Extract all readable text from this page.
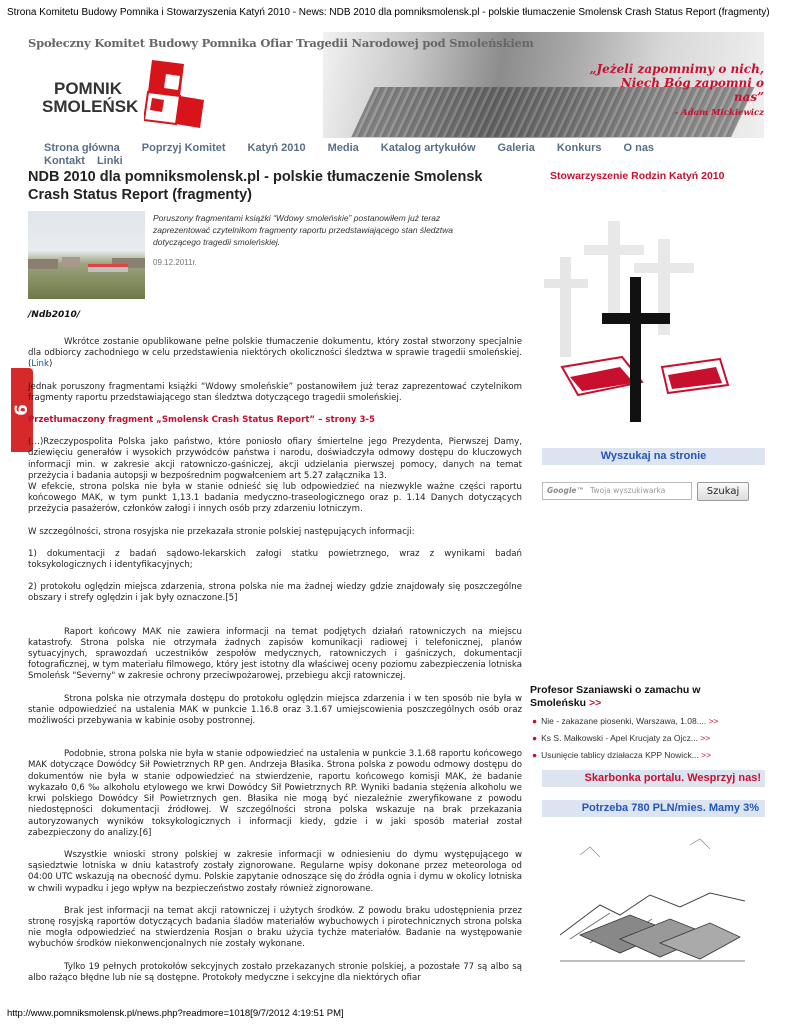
Strona Komitetu Budowy Pomnika i Stowarzyszenia Katyń 2010 - News: NDB 2010 dla pomniksmolensk.pl - polskie tłumaczenie Smolensk Crash Status Report (fragmenty)
Społeczny Komitet Budowy Pomnika Ofiar Tragedii Narodowej pod Smoleńskiem
POMNIK
SMOLEŃSK
„Jeżeli zapomnimy o nich,
Niech Bóg zapomni o nas”
- Adam Mickiewicz
Strona główna Poprzyj Komitet Katyń 2010 Media Katalog artykułów Galeria Konkurs O nas
Kontakt Linki
NDB 2010 dla pomniksmolensk.pl - polskie tłumaczenie Smolensk Crash Status Report (fragmenty)
Poruszony fragmentami książki “Wdowy smoleńskie” postanowiłem już teraz zaprezentować czytelnikom fragmenty raportu przedstawiającego stan śledztwa dotyczącego tragedii smoleńskiej.
09.12.2011r.
/Ndb2010/
6

Wkrótce zostanie opublikowane pełne polskie tłumaczenie dokumentu, który został stworzony specjalnie dla odbiorcy zachodniego w celu przedstawienia niektórych okoliczności śledztwa w sprawie tragedii smoleńskiej. (Link)

Jednak poruszony fragmentami książki “Wdowy smoleńskie” postanowiłem już teraz zaprezentować czytelnikom fragmenty raportu przedstawiającego stan śledztwa dotyczącego tragedii smoleńskiej.

Przetłumaczony fragment „Smolensk Crash Status Report” – strony 3-5

(…)Rzeczypospolita Polska jako państwo, które poniosło ofiary śmiertelne jego Prezydenta, Pierwszej Damy, dziewięciu generałów i wysokich przywódców państwa i narodu, doświadczyła odmowy dostępu do kluczowych informacji min. w zakresie akcji ratowniczo-gaśniczej, akcji udzielania pierwszej pomocy, danych na temat przeżycia i badania autopsji w bezpośrednim pogwałceniem art 5.27 załącznika 13.

W efekcie, strona polska nie była w stanie odnieść się lub odpowiedzieć na niezwykle ważne części raportu końcowego MAK, w tym punkt 1,13.1 badania medyczno-traseologicznego oraz p. 1.14 Danych dotyczących przeżycia pasażerów, członków załogi i innych osób przy zdarzeniu lotniczym.

W szczególności, strona rosyjska nie przekazała stronie polskiej następujących informacji:

1) dokumentacji z badań sądowo-lekarskich załogi statku powietrznego, wraz z wynikami badań toksykologicznych i identyfikacyjnych;

2) protokołu oględzin miejsca zdarzenia, strona polska nie ma żadnej wiedzy gdzie znajdowały się poszczególne obszary i strefy oględzin i jak były oznaczone.[5]

Raport końcowy MAK nie zawiera informacji na temat podjętych działań ratowniczych na miejscu katastrofy. Strona polska nie otrzymała żadnych zapisów komunikacji radiowej i telefonicznej, planów sytuacyjnych, sprawozdań uczestników zespołów medycznych, ratowniczych i gaśniczych, dokumentacji fotograficznej, w tym materiału filmowego, który jest istotny dla właściwej oceny poziomu zabezpieczenia lotniska Smoleńsk "Severny" w zakresie ochrony przeciwpożarowej, przebiegu akcji ratowniczej.

Strona polska nie otrzymała dostępu do protokołu oględzin miejsca zdarzenia i w ten sposób nie była w stanie odpowiedzieć na ustalenia MAK w punkcie 1.16.8 oraz 3.1.67 umiejscowienia poszczególnych osób oraz możliwości przebywania w kabinie osoby postronnej.

Podobnie, strona polska nie była w stanie odpowiedzieć na ustalenia w punkcie 3.1.68 raportu końcowego MAK dotyczące Dowódcy Sił Powietrznych RP gen. Andrzeja Błasika. Strona polska z powodu odmowy dostępu do dokumentów nie była w stanie odpowiedzieć na stwierdzenie, raportu końcowego komisji MAK, że badanie wykazało 0,6 ‰ alkoholu etylowego we krwi Dowódcy Sił Powietrznych RP. Wyniki badania stężenia alkoholu we krwi polskiego Dowódcy Sił Powietrznych gen. Błasika nie mogą być niezależnie zweryfikowane z powodu niedostępności dokumentacji źródłowej. W szczególności strona polska wskazuje na brak przekazania autoryzowanych wyników toksykologicznych i informacji kiedy, gdzie i w jaki sposób materiał został zabezpieczony do analizy.[6]

Wszystkie wnioski strony polskiej w zakresie informacji w odniesieniu do dymu występującego w sąsiedztwie lotniska w dniu katastrofy zostały zignorowane. Regularne wpisy dokonane przez meteorologa od 04:00 UTC wskazują na obecność dymu. Polskie zapytanie odnoszące się do źródła ognia i dymu w okolicy lotniska w chwili wypadku i jego wpływ na bezpieczeństwo zostały również zignorowane.

Brak jest informacji na temat akcji ratowniczej i użytych środków. Z powodu braku udostępnienia przez stronę rosyjską raportów dotyczących badania śladów materiałów wybuchowych i pirotechnicznych strona polska nie mogła odpowiedzieć na stwierdzenia Rosjan o braku użycia tychże materiałów. Badanie na występowanie wybuchów środków niekonwencjonalnych nie zostały wykonane.

Tylko 19 pełnych protokołów sekcyjnych zostało przekazanych stronie polskiej, a pozostałe 77 są albo są albo rażąco błędne lub nie są dostępne. Protokoły medyczne i sekcyjne dla niektórych ofiar

Stowarzyszenie Rodzin Katyń 2010
Wyszukaj na stronie
Google™ Twoja wyszukiwarka	Szukaj
Profesor Szaniawski o zamachu w Smoleńsku >>
● Nie - zakazane piosenki, Warszawa, 1.08.... >>
● Ks S. Małkowski - Apel Krucjaty za Ojcz... >>
● Usunięcie tablicy działacza KPP Nowick... >>
Skarbonka portalu. Wesprzyj nas!
Potrzeba 780 PLN/mies. Mamy 3%
http://www.pomniksmolensk.pl/news.php?readmore=1018[9/7/2012 4:19:51 PM]
